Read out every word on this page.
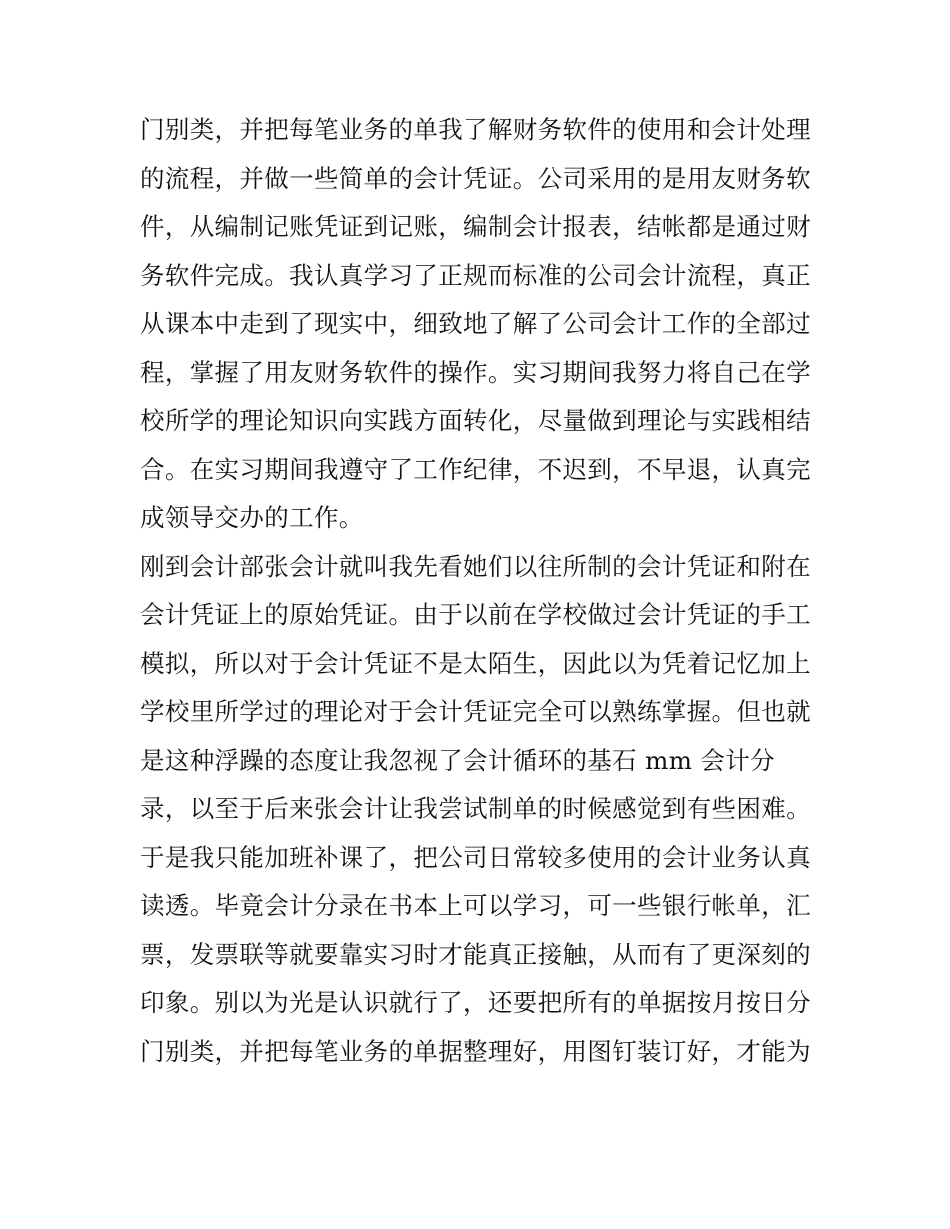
门别类，并把每笔业务的单我了解财务软件的使用和会计处理
的流程，并做一些简单的会计凭证。公司采用的是用友财务软
件，从编制记账凭证到记账，编制会计报表，结帐都是通过财
务软件完成。我认真学习了正规而标准的公司会计流程，真正
从课本中走到了现实中，细致地了解了公司会计工作的全部过
程，掌握了用友财务软件的操作。实习期间我努力将自己在学
校所学的理论知识向实践方面转化，尽量做到理论与实践相结
合。在实习期间我遵守了工作纪律，不迟到，不早退，认真完
成领导交办的工作。
刚到会计部张会计就叫我先看她们以往所制的会计凭证和附在
会计凭证上的原始凭证。由于以前在学校做过会计凭证的手工
模拟，所以对于会计凭证不是太陌生，因此以为凭着记忆加上
学校里所学过的理论对于会计凭证完全可以熟练掌握。但也就
是这种浮躁的态度让我忽视了会计循环的基石 mm 会计分
录，以至于后来张会计让我尝试制单的时候感觉到有些困难。
于是我只能加班补课了，把公司日常较多使用的会计业务认真
读透。毕竟会计分录在书本上可以学习，可一些银行帐单，汇
票，发票联等就要靠实习时才能真正接触，从而有了更深刻的
印象。别以为光是认识就行了，还要把所有的单据按月按日分
门别类，并把每笔业务的单据整理好，用图钉装订好，才能为
